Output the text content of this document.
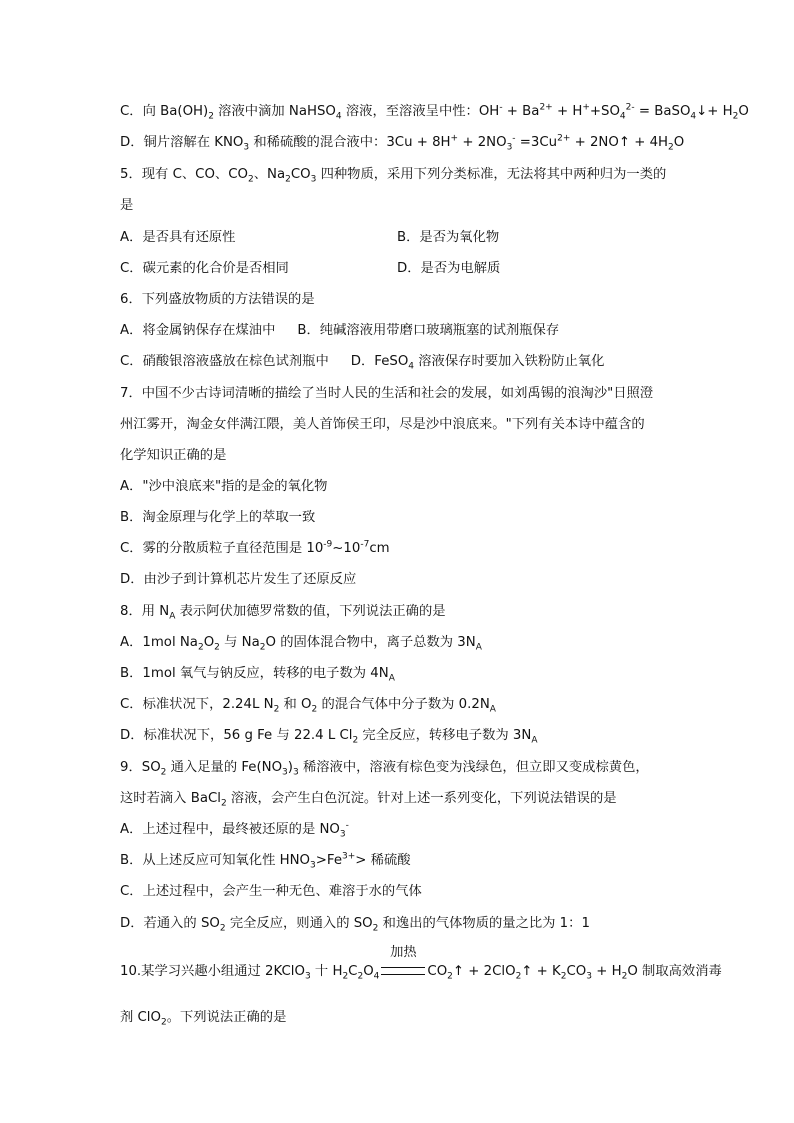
C．向 $Ba(OH)_2$ 溶液中滴加 NaHSO$_4$ 溶液，至溶液呈中性：$OH^- + Ba^{2+} + H^++SO_4^{2-}$ = BaSO$_4$↓+ $H_2O$
D．铜片溶解在 $KNO_3$ 和稀硫酸的混合液中：$3Cu + 8H^+ + 2NO_3^- =3Cu^{2+}$ + 2NO↑ + $4H_2O$
5．现有 C、CO、$CO_2$、$Na_2CO_3$ 四种物质，采用下列分类标准，无法将其中两种归为一类的
是
A．是否具有还原性	B．是否为氧化物
C．碳元素的化合价是否相同	D．是否为电解质
6．下列盛放物质的方法错误的是
A．将金属钠保存在煤油中 B．纯碱溶液用带磨口玻璃瓶塞的试剂瓶保存
C．硝酸银溶液盛放在棕色试剂瓶中 D．FeSO$_4$ 溶液保存时要加入铁粉防止氧化
7．中国不少古诗词清晰的描绘了当时人民的生活和社会的发展，如刘禹锡的浪淘沙"日照澄
州江雾开，淘金女伴满江隈，美人首饰侯王印，尽是沙中浪底来。"下列有关本诗中蕴含的
化学知识正确的是
A．"沙中浪底来"指的是金的氧化物
B．淘金原理与化学上的萃取一致
C．雾的分散质粒子直径范围是 $10^{-9}\sim 10^{-7}cm$
D．由沙子到计算机芯片发生了还原反应
8．用 $N_A$ 表示阿伏加德罗常数的值，下列说法正确的是
A．1mol $Na_2O_2$ 与 $Na_2O$ 的固体混合物中，离子总数为 $3N_A$
B．1mol 氧气与钠反应，转移的电子数为 $4N_A$
C．标准状况下，2.24L $N_2$ 和 $O_2$ 的混合气体中分子数为 $0.2N_A$
D．标准状况下，56 g Fe 与 22.4 L $Cl_2$ 完全反应，转移电子数为 $3N_A$
9．$SO_2$ 通入足量的 $Fe(NO_3)_3$ 稀溶液中，溶液有棕色变为浅绿色，但立即又变成棕黄色，
这时若滴入 BaCl$_2$ 溶液，会产生白色沉淀。针对上述一系列变化，下列说法错误的是
A．上述过程中，最终被还原的是 $NO_3^-$
B．从上述反应可知氧化性 $HNO_3>Fe^{3+}>$ 稀硫酸
C．上述过程中，会产生一种无色、难溶于水的气体
D．若通入的 $SO_2$ 完全反应，则通入的 $SO_2$ 和逸出的气体物质的量之比为 1：1
10.某学习兴趣小组通过 2KClO$_3$ 十 $H_2C_2O_4$
加热
$CO_2↑$ + 2ClO$_2$↑ + $K_2CO_3 + H_2O$ 制取高效消毒
剂 ClO$_2$。下列说法正确的是
